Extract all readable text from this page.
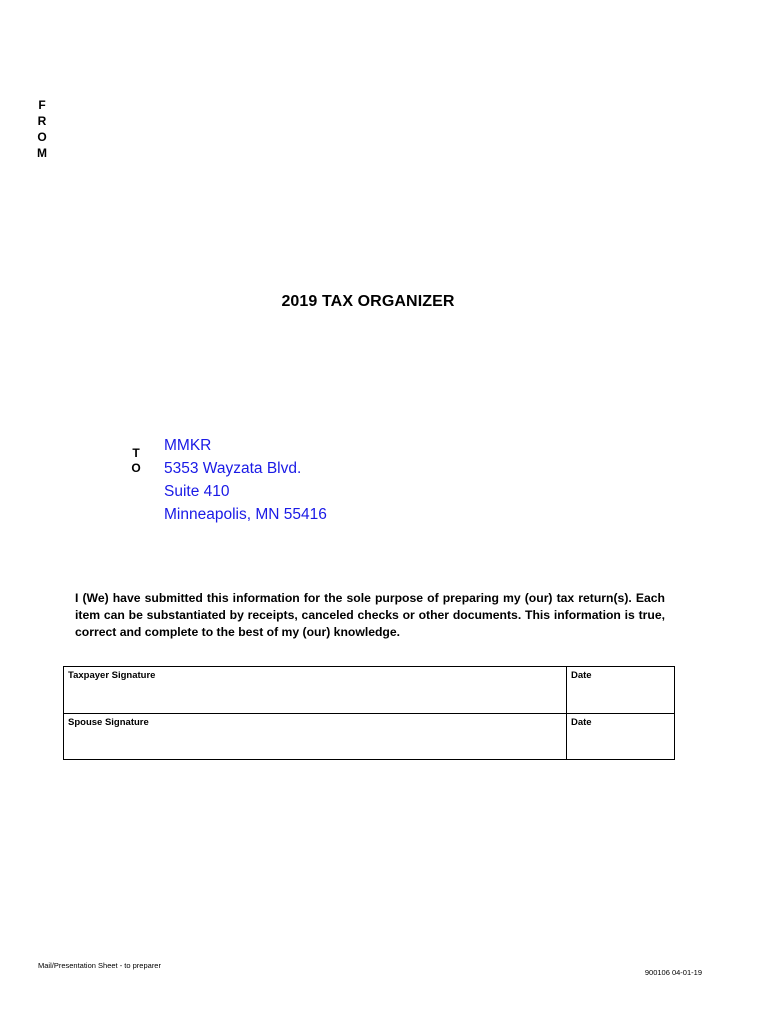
F
R
O
M
2019 TAX ORGANIZER
T
O
MMKR
5353 Wayzata Blvd.
Suite 410
Minneapolis, MN 55416
I (We) have submitted this information for the sole purpose of preparing my (our) tax return(s). Each item can be substantiated by receipts, canceled checks or other documents. This information is true, correct and complete to the best of my (our) knowledge.
Taxpayer Signature	Date
Spouse Signature	Date
Mail/Presentation Sheet - to preparer
900106 04-01-19
